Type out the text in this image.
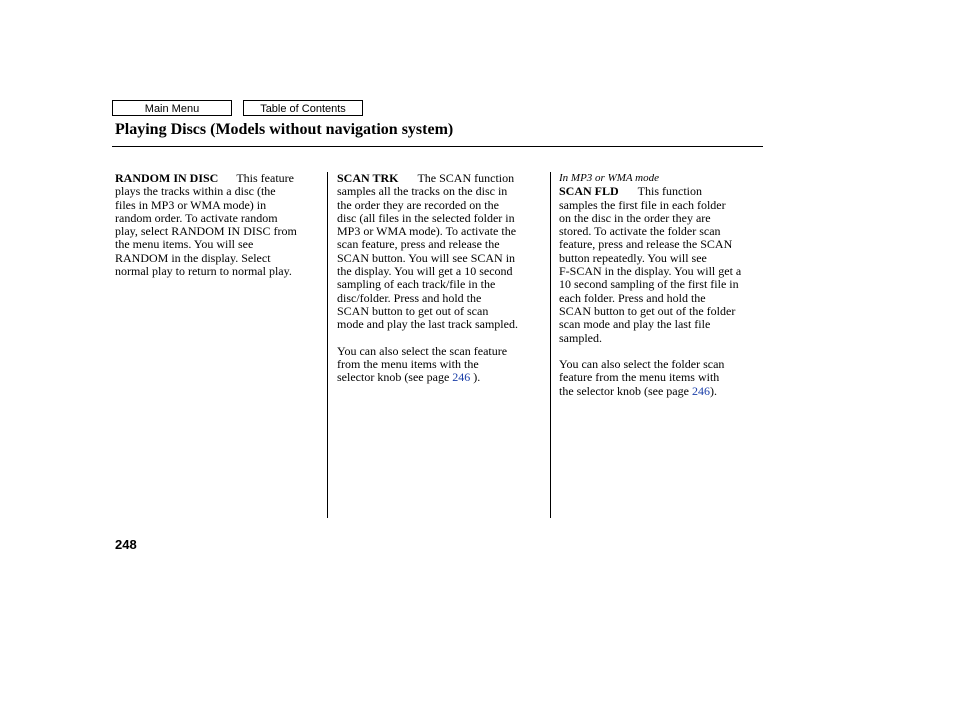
Main Menu	Table of Contents
Playing Discs (Models without navigation system)
RANDOM IN DISC This feature
plays the tracks within a disc (the
files in MP3 or WMA mode) in
random order. To activate random
play, select RANDOM IN DISC from
the menu items. You will see
RANDOM in the display. Select
normal play to return to normal play.
SCAN TRK The SCAN function
samples all the tracks on the disc in
the order they are recorded on the
disc (all files in the selected folder in
MP3 or WMA mode). To activate the
scan feature, press and release the
SCAN button. You will see SCAN in
the display. You will get a 10 second
sampling of each track/file in the
disc/folder. Press and hold the
SCAN button to get out of scan
mode and play the last track sampled.
You can also select the scan feature
from the menu items with the
selector knob (see page 246 ).
In MP3 or WMA mode
SCAN FLD This function
samples the first file in each folder
on the disc in the order they are
stored. To activate the folder scan
feature, press and release the SCAN
button repeatedly. You will see
F-SCAN in the display. You will get a
10 second sampling of the first file in
each folder. Press and hold the
SCAN button to get out of the folder
scan mode and play the last file
sampled.
You can also select the folder scan
feature from the menu items with
the selector knob (see page 246).
248
